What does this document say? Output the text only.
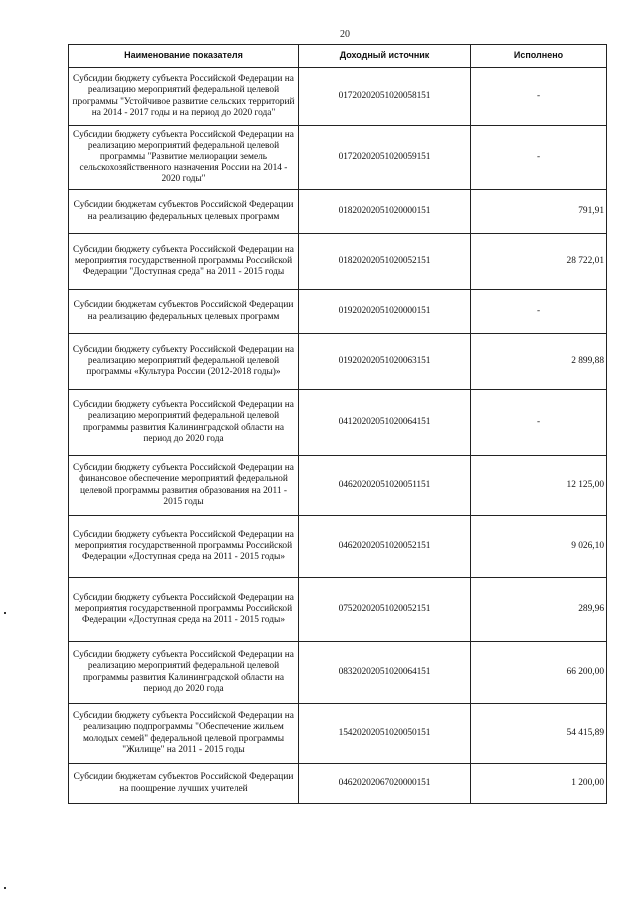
20
Наименование показателя	Доходный источник	Исполнено
Субсидии бюджету субъекта Российской Федерации на реализацию мероприятий федеральной целевой программы "Устойчивое развитие сельских территорий на 2014 - 2017 годы и на период до 2020 года"	01720202051020058151	-
Субсидии бюджету субъекта Российской Федерации на реализацию мероприятий федеральной целевой программы "Развитие мелиорации земель сельскохозяйственного назначения России на 2014 - 2020 годы"	01720202051020059151	-
Субсидии бюджетам субъектов Российской Федерации на реализацию федеральных целевых программ	01820202051020000151	791,91
Субсидии бюджету субъекта Российской Федерации на мероприятия государственной программы Российской Федерации "Доступная среда" на 2011 - 2015 годы	01820202051020052151	28 722,01
Субсидии бюджетам субъектов Российской Федерации на реализацию федеральных целевых программ	01920202051020000151	-
Субсидии бюджету субъекту Российской Федерации на реализацию мероприятий федеральной целевой программы «Культура России (2012-2018 годы)»	01920202051020063151	2 899,88
Субсидии бюджету субъекта Российской Федерации на реализацию мероприятий федеральной целевой программы развития Калининградской области на период до 2020 года	04120202051020064151	-
Субсидии бюджету субъекта Российской Федерации на финансовое обеспечение мероприятий федеральной целевой программы развития образования на 2011 - 2015 годы	04620202051020051151	12 125,00
Субсидии бюджету субъекта Российской Федерации на мероприятия государственной программы Российской Федерации «Доступная среда на 2011 - 2015 годы»	04620202051020052151	9 026,10
Субсидии бюджету субъекта Российской Федерации на мероприятия государственной программы Российской Федерации «Доступная среда на 2011 - 2015 годы»	07520202051020052151	289,96
Субсидии бюджету субъекта Российской Федерации на реализацию мероприятий федеральной целевой программы развития Калининградской области на период до 2020 года	08320202051020064151	66 200,00
Субсидии бюджету субъекта Российской Федерации на реализацию подпрограммы "Обеспечение жильем молодых семей" федеральной целевой программы "Жилище" на 2011 - 2015 годы	15420202051020050151	54 415,89
Субсидии бюджетам субъектов Российской Федерации на поощрение лучших учителей	04620202067020000151	1 200,00
